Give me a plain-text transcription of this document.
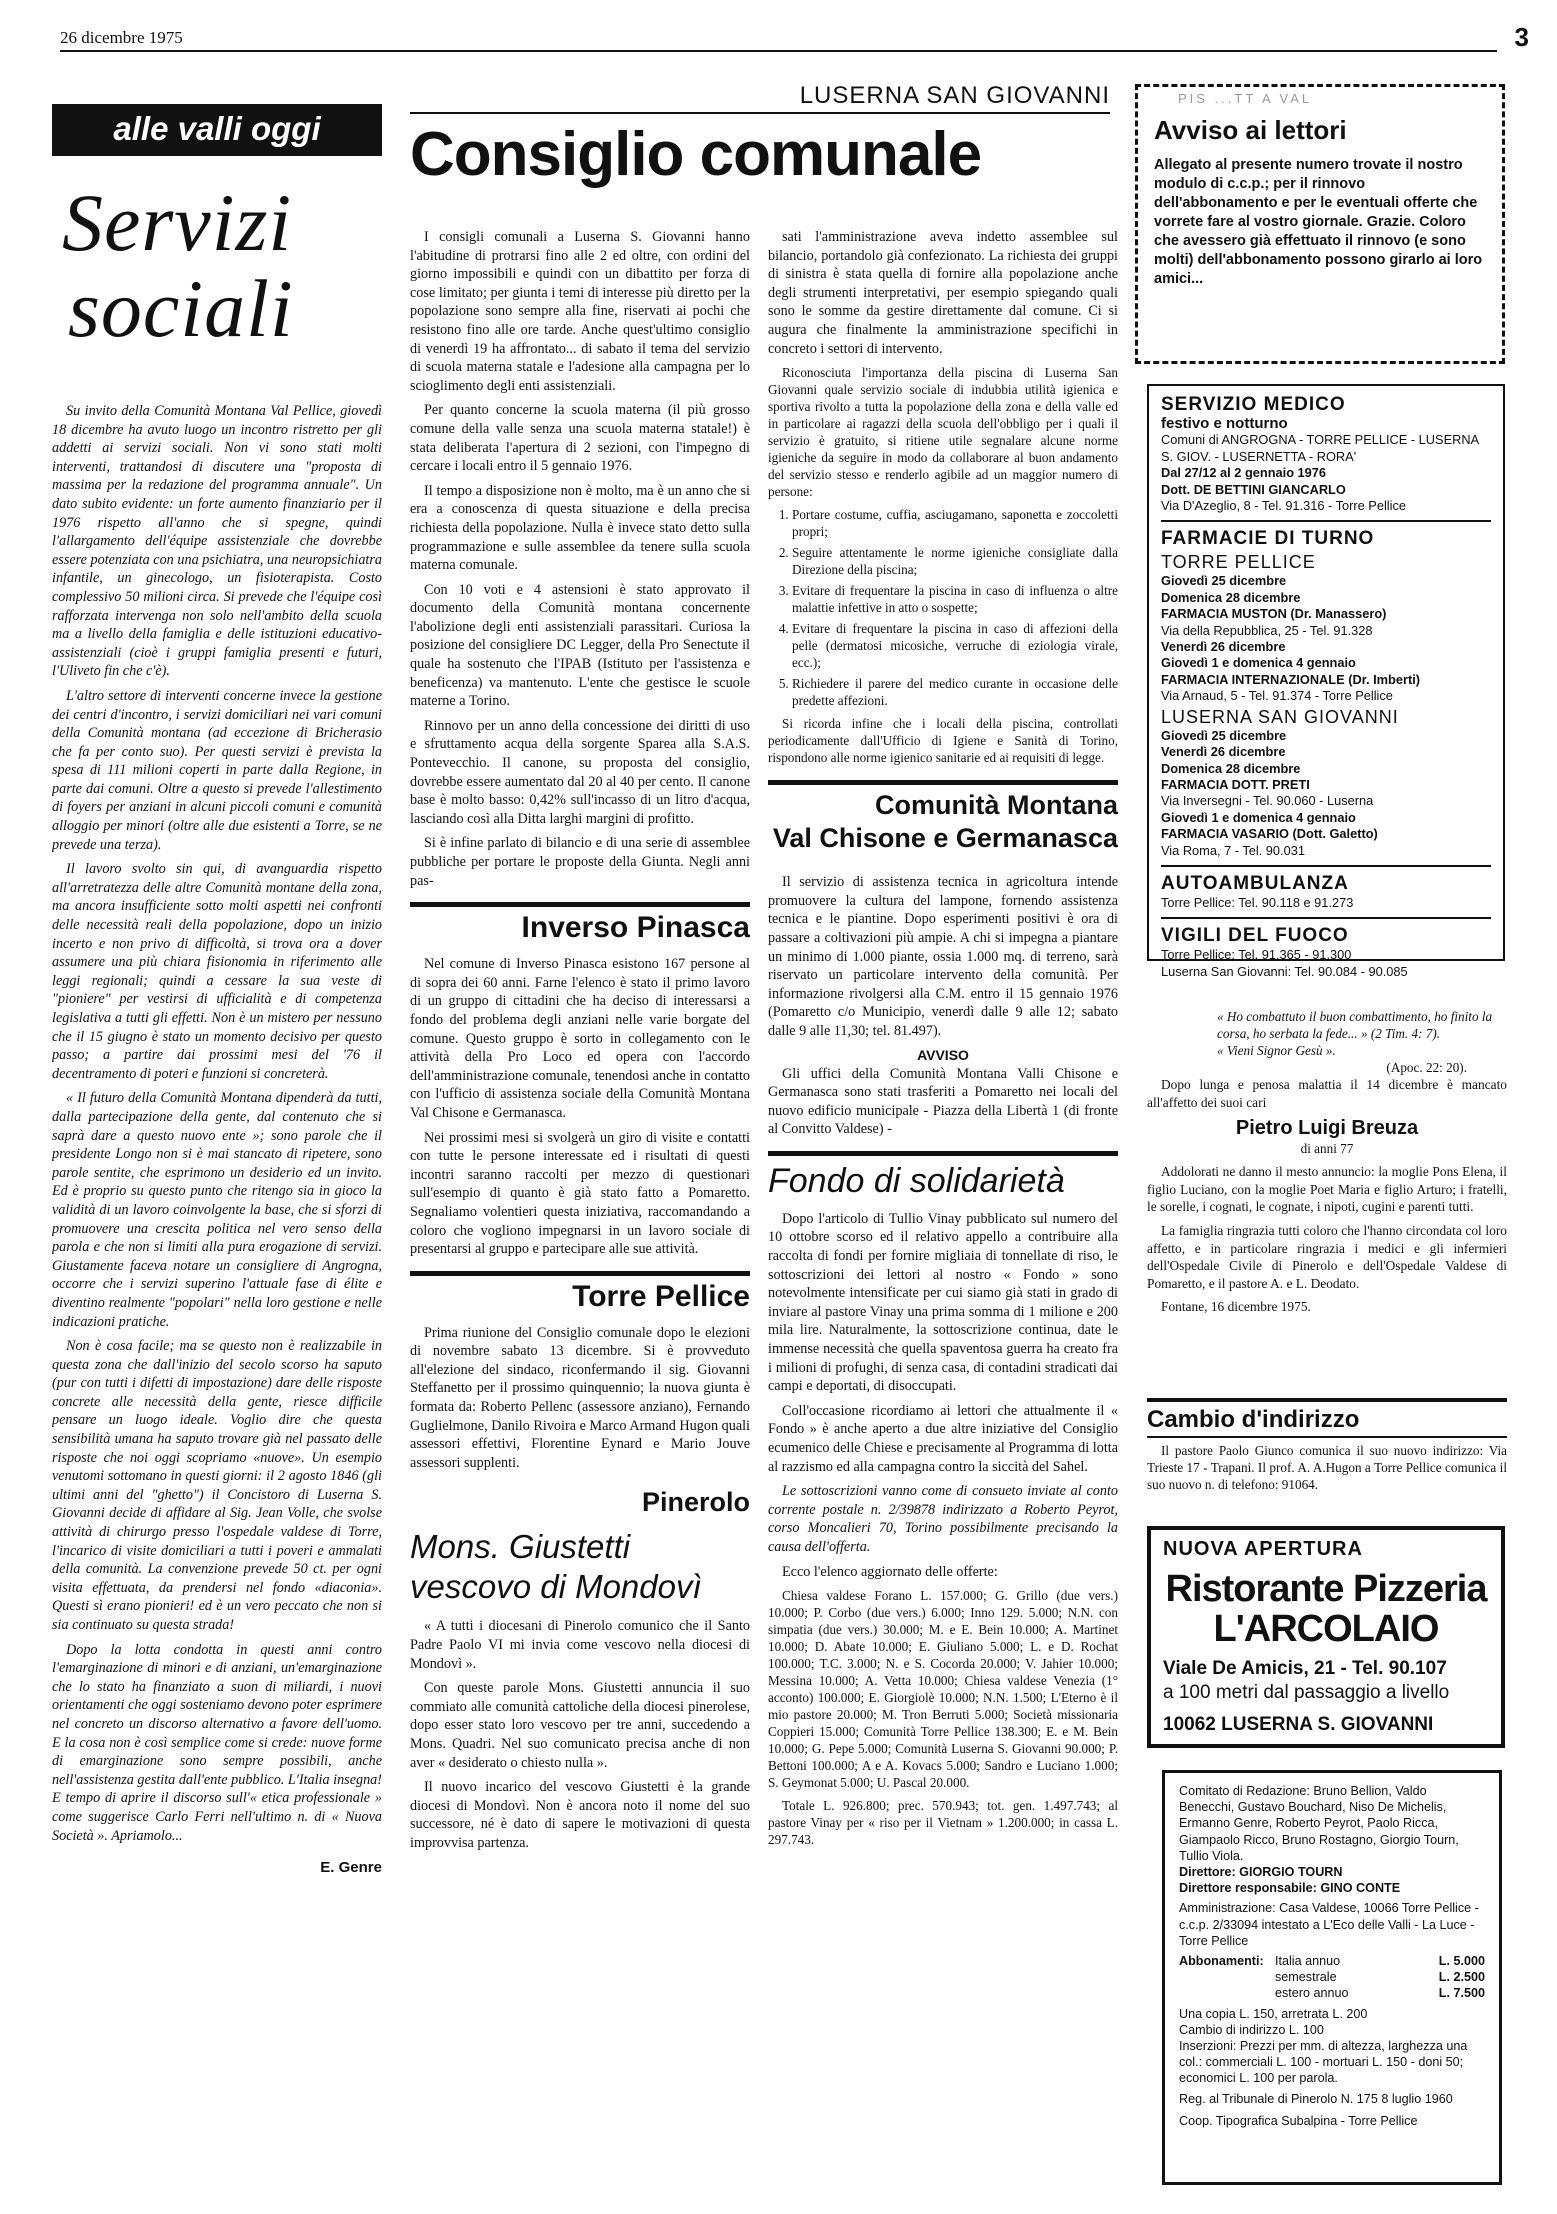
26 dicembre 1975	3
alle valli oggi
Servizi
sociali

Su invito della Comunità Montana Val Pellice, giovedì 18 dicembre ha avuto luogo un incontro ristretto per gli addetti ai servizi sociali. Non vi sono stati molti interventi, trattandosi di discutere una "proposta di massima per la redazione del programma annuale". Un dato subito evidente: un forte aumento finanziario per il 1976 rispetto all'anno che si spegne, quindi l'allargamento dell'équipe assistenziale che dovrebbe essere potenziata con una psichiatra, una neuropsichiatra infantile, un ginecologo, un fisioterapista. Costo complessivo 50 milioni circa. Si prevede che l'équipe così rafforzata intervenga non solo nell'ambito della scuola ma a livello della famiglia e delle istituzioni educativo-assistenziali (cioè i gruppi famiglia presenti e futuri, l'Uliveto fin che c'è).

L'altro settore di interventi concerne invece la gestione dei centri d'incontro, i servizi domiciliari nei vari comuni della Comunità montana (ad eccezione di Bricherasio che fa per conto suo). Per questi servizi è prevista la spesa di 111 milioni coperti in parte dalla Regione, in parte dai comuni. Oltre a questo si prevede l'allestimento di foyers per anziani in alcuni piccoli comuni e comunità alloggio per minori (oltre alle due esistenti a Torre, se ne prevede una terza).

Il lavoro svolto sin qui, di avanguardia rispetto all'arretratezza delle altre Comunità montane della zona, ma ancora insufficiente sotto molti aspetti nei confronti delle necessità reali della popolazione, dopo un inizio incerto e non privo di difficoltà, si trova ora a dover assumere una più chiara fisionomia in riferimento alle leggi regionali; quindi a cessare la sua veste di "pioniere" per vestirsi di ufficialità e di competenza legislativa a tutti gli effetti. Non è un mistero per nessuno che il 15 giugno è stato un momento decisivo per questo passo; a partire dai prossimi mesi del '76 il decentramento di poteri e funzioni si concreterà.

« Il futuro della Comunità Montana dipenderà da tutti, dalla partecipazione della gente, dal contenuto che si saprà dare a questo nuovo ente »; sono parole che il presidente Longo non si è mai stancato di ripetere, sono parole sentite, che esprimono un desiderio ed un invito. Ed è proprio su questo punto che ritengo sia in gioco la validità di un lavoro coinvolgente la base, che si sforzi di promuovere una crescita politica nel vero senso della parola e che non si limiti alla pura erogazione di servizi. Giustamente faceva notare un consigliere di Angrogna, occorre che i servizi superino l'attuale fase di élite e diventino realmente "popolari" nella loro gestione e nelle indicazioni pratiche.

Non è cosa facile; ma se questo non è realizzabile in questa zona che dall'inizio del secolo scorso ha saputo (pur con tutti i difetti di impostazione) dare delle risposte concrete alle necessità della gente, riesce difficile pensare un luogo ideale. Voglio dire che questa sensibilità umana ha saputo trovare già nel passato delle risposte che noi oggi scopriamo «nuove». Un esempio venutomi sottomano in questi giorni: il 2 agosto 1846 (gli ultimi anni del "ghetto") il Concistoro di Luserna S. Giovanni decide di affidare al Sig. Jean Volle, che svolse attività di chirurgo presso l'ospedale valdese di Torre, l'incarico di visite domiciliari a tutti i poveri e ammalati della comunità. La convenzione prevede 50 ct. per ogni visita effettuata, da prendersi nel fondo «diaconia». Questi sì erano pionieri! ed è un vero peccato che non si sia continuato su questa strada!

Dopo la lotta condotta in questi anni contro l'emarginazione di minori e di anziani, un'emarginazione che lo stato ha finanziato a suon di miliardi, i nuovi orientamenti che oggi sosteniamo devono poter esprimere nel concreto un discorso alternativo a favore dell'uomo. E la cosa non è così semplice come si crede: nuove forme di emarginazione sono sempre possibili, anche nell'assistenza gestita dall'ente pubblico. L'Italia insegna! E tempo di aprire il discorso sull'« etica professionale » come suggerisce Carlo Ferri nell'ultimo n. di « Nuova Società ». Apriamolo...

E. Genre
LUSERNA SAN GIOVANNI
Consiglio comunale

I consigli comunali a Luserna S. Giovanni hanno l'abitudine di protrarsi fino alle 2 ed oltre, con ordini del giorno impossibili e quindi con un dibattito per forza di cose limitato; per giunta i temi di interesse più diretto per la popolazione sono sempre alla fine, riservati ai pochi che resistono fino alle ore tarde. Anche quest'ultimo consiglio di venerdì 19 ha affrontato... di sabato il tema del servizio di scuola materna statale e l'adesione alla campagna per lo scioglimento degli enti assistenziali.

Per quanto concerne la scuola materna (il più grosso comune della valle senza una scuola materna statale!) è stata deliberata l'apertura di 2 sezioni, con l'impegno di cercare i locali entro il 5 gennaio 1976.

Il tempo a disposizione non è molto, ma è un anno che si era a conoscenza di questa situazione e della precisa richiesta della popolazione. Nulla è invece stato detto sulla programmazione e sulle assemblee da tenere sulla scuola materna comunale.

Con 10 voti e 4 astensioni è stato approvato il documento della Comunità montana concernente l'abolizione degli enti assistenziali parassitari. Curiosa la posizione del consigliere DC Legger, della Pro Senectute il quale ha sostenuto che l'IPAB (Istituto per l'assistenza e beneficenza) va mantenuto. L'ente che gestisce le scuole materne a Torino.

Rinnovo per un anno della concessione dei diritti di uso e sfruttamento acqua della sorgente Sparea alla S.A.S. Pontevecchio. Il canone, su proposta del consiglio, dovrebbe essere aumentato dal 20 al 40 per cento. Il canone base è molto basso: 0,42% sull'incasso di un litro d'acqua, lasciando così alla Ditta larghi margini di profitto.

Si è infine parlato di bilancio e di una serie di assemblee pubbliche per portare le proposte della Giunta. Negli anni pas-

Inverso Pinasca

Nel comune di Inverso Pinasca esistono 167 persone al di sopra dei 60 anni. Farne l'elenco è stato il primo lavoro di un gruppo di cittadini che ha deciso di interessarsi a fondo del problema degli anziani nelle varie borgate del comune. Questo gruppo è sorto in collegamento con le attività della Pro Loco ed opera con l'accordo dell'amministrazione comunale, tenendosi anche in contatto con l'ufficio di assistenza sociale della Comunità Montana Val Chisone e Germanasca.

Nei prossimi mesi si svolgerà un giro di visite e contatti con tutte le persone interessate ed i risultati di questi incontri saranno raccolti per mezzo di questionari sull'esempio di quanto è già stato fatto a Pomaretto. Segnaliamo volentieri questa iniziativa, raccomandando a coloro che vogliono impegnarsi in un lavoro sociale di presentarsi al gruppo e partecipare alle sue attività.

Torre Pellice

Prima riunione del Consiglio comunale dopo le elezioni di novembre sabato 13 dicembre. Si è provveduto all'elezione del sindaco, riconfermando il sig. Giovanni Steffanetto per il prossimo quinquennio; la nuova giunta è formata da: Roberto Pellenc (assessore anziano), Fernando Guglielmone, Danilo Rivoira e Marco Armand Hugon quali assessori effettivi, Florentine Eynard e Mario Jouve assessori supplenti.

Pinerolo
Mons. Giustetti
vescovo di Mondovì

« A tutti i diocesani di Pinerolo comunico che il Santo Padre Paolo VI mi invia come vescovo nella diocesi di Mondovì ».

Con queste parole Mons. Giustetti annuncia il suo commiato alle comunità cattoliche della diocesi pinerolese, dopo esser stato loro vescovo per tre anni, succedendo a Mons. Quadri. Nel suo comunicato precisa anche di non aver « desiderato o chiesto nulla ».

Il nuovo incarico del vescovo Giustetti è la grande diocesi di Mondovì. Non è ancora noto il nome del suo successore, né è dato di sapere le motivazioni di questa improvvisa partenza.

sati l'amministrazione aveva indetto assemblee sul bilancio, portandolo già confezionato. La richiesta dei gruppi di sinistra è stata quella di fornire alla popolazione anche degli strumenti interpretativi, per esempio spiegando quali sono le somme da gestire direttamente dal comune. Ci si augura che finalmente la amministrazione specifichi in concreto i settori di intervento.

Riconosciuta l'importanza della piscina di Luserna San Giovanni quale servizio sociale di indubbia utilità igienica e sportiva rivolto a tutta la popolazione della zona e della valle ed in particolare ai ragazzi della scuola dell'obbligo per i quali il servizio è gratuito, si ritiene utile segnalare alcune norme igieniche da seguire in modo da collaborare al buon andamento del servizio stesso e renderlo agibile ad un maggior numero di persone:

1. Portare costume, cuffia, asciugamano, saponetta e zoccoletti propri;
2. Seguire attentamente le norme igieniche consigliate dalla Direzione della piscina;
3. Evitare di frequentare la piscina in caso di influenza o altre malattie infettive in atto o sospette;
4. Evitare di frequentare la piscina in caso di affezioni della pelle (dermatosi micosiche, verruche di eziologia virale, ecc.);
5. Richiedere il parere del medico curante in occasione delle predette affezioni.

Si ricorda infine che i locali della piscina, controllati periodicamente dall'Ufficio di Igiene e Sanità di Torino, rispondono alle norme igienico sanitarie ed ai requisiti di legge.

Comunità Montana
Val Chisone e Germanasca

Il servizio di assistenza tecnica in agricoltura intende promuovere la cultura del lampone, fornendo assistenza tecnica e le piantine. Dopo esperimenti positivi è ora di passare a coltivazioni più ampie. A chi si impegna a piantare un minimo di 1.000 piante, ossia 1.000 mq. di terreno, sarà riservato un particolare intervento della comunità. Per informazione rivolgersi alla C.M. entro il 15 gennaio 1976 (Pomaretto c/o Municipio, venerdì dalle 9 alle 12; sabato dalle 9 alle 11,30; tel. 81.497).

AVVISO

Gli uffici della Comunità Montana Valli Chisone e Germanasca sono stati trasferiti a Pomaretto nei locali del nuovo edificio municipale - Piazza della Libertà 1 (di fronte al Convitto Valdese) -

Fondo di solidarietà

Dopo l'articolo di Tullio Vinay pubblicato sul numero del 10 ottobre scorso ed il relativo appello a contribuire alla raccolta di fondi per fornire migliaia di tonnellate di riso, le sottoscrizioni dei lettori al nostro « Fondo » sono notevolmente intensificate per cui siamo già stati in grado di inviare al pastore Vinay una prima somma di 1 milione e 200 mila lire. Naturalmente, la sottoscrizione continua, date le immense necessità che quella spaventosa guerra ha creato fra i milioni di profughi, di senza casa, di contadini stradicati dai campi e deportati, di disoccupati.

Coll'occasione ricordiamo ai lettori che attualmente il « Fondo » è anche aperto a due altre iniziative del Consiglio ecumenico delle Chiese e precisamente al Programma di lotta al razzismo ed alla campagna contro la siccità del Sahel.

Le sottoscrizioni vanno come di consueto inviate al conto corrente postale n. 2/39878 indirizzato a Roberto Peyrot, corso Moncalieri 70, Torino possibilmente precisando la causa dell'offerta.

Ecco l'elenco aggiornato delle offerte:

Chiesa valdese Forano L. 157.000; G. Grillo (due vers.) 10.000; P. Corbo (due vers.) 6.000; Inno 129. 5.000; N.N. con simpatia (due vers.) 30.000; M. e E. Bein 10.000; A. Martinet 10.000; D. Abate 10.000; E. Giuliano 5.000; L. e D. Rochat 100.000; T.C. 3.000; N. e S. Cocorda 20.000; V. Jahier 10.000; Messina 10.000; A. Vetta 10.000; Chiesa valdese Venezia (1° acconto) 100.000; E. Giorgiolè 10.000; N.N. 1.500; L'Eterno è il mio pastore 20.000; M. Tron Berruti 5.000; Società missionaria Coppieri 15.000; Comunità Torre Pellice 138.300; E. e M. Bein 10.000; G. Pepe 5.000; Comunità Luserna S. Giovanni 90.000; P. Bettoni 100.000; A e A. Kovacs 5.000; Sandro e Luciano 1.000; S. Geymonat 5.000; U. Pascal 20.000.

Totale L. 926.800; prec. 570.943; tot. gen. 1.497.743; al pastore Vinay per « riso per il Vietnam » 1.200.000; in cassa L. 297.743.

PIS ...TT A VAL
Avviso ai lettori
Allegato al presente numero trovate il nostro modulo di c.c.p.; per il rinnovo dell'abbonamento e per le eventuali offerte che vorrete fare al vostro giornale. Grazie. Coloro che avessero già effettuato il rinnovo (e sono molti) dell'abbonamento possono girarlo ai loro amici...
SERVIZIO MEDICO
festivo e notturno
Comuni di ANGROGNA - TORRE PELLICE - LUSERNA S. GIOV. - LUSERNETTA - RORA'
Dal 27/12 al 2 gennaio 1976
Dott. DE BETTINI GIANCARLO
Via D'Azeglio, 8 - Tel. 91.316 - Torre Pellice
FARMACIE DI TURNO
TORRE PELLICE
Giovedì 25 dicembre
Domenica 28 dicembre
FARMACIA MUSTON (Dr. Manassero)
Via della Repubblica, 25 - Tel. 91.328
Venerdì 26 dicembre
Giovedì 1 e domenica 4 gennaio
FARMACIA INTERNAZIONALE (Dr. Imberti)
Via Arnaud, 5 - Tel. 91.374 - Torre Pellice
LUSERNA SAN GIOVANNI
Giovedì 25 dicembre
Venerdì 26 dicembre
Domenica 28 dicembre
FARMACIA DOTT. PRETI
Via Inversegni - Tel. 90.060 - Luserna
Giovedì 1 e domenica 4 gennaio
FARMACIA VASARIO (Dott. Galetto)
Via Roma, 7 - Tel. 90.031
AUTOAMBULANZA
Torre Pellice: Tel. 90.118 e 91.273
VIGILI DEL FUOCO
Torre Pellice: Tel. 91.365 - 91.300
Luserna San Giovanni: Tel. 90.084 - 90.085
« Ho combattuto il buon combattimento, ho finito la corsa, ho serbata la fede... » (2 Tim. 4: 7).
« Vieni Signor Gesù ».
(Apoc. 22: 20).

Dopo lunga e penosa malattia il 14 dicembre è mancato all'affetto dei suoi cari

Pietro Luigi Breuza
di anni 77

Addolorati ne danno il mesto annuncio: la moglie Pons Elena, il figlio Luciano, con la moglie Poet Maria e figlio Arturo; i fratelli, le sorelle, i cognati, le cognate, i nipoti, cugini e parenti tutti.

La famiglia ringrazia tutti coloro che l'hanno circondata col loro affetto, e in particolare ringrazia i medici e gli infermieri dell'Ospedale Civile di Pinerolo e dell'Ospedale Valdese di Pomaretto, e il pastore A. e L. Deodato.

Fontane, 16 dicembre 1975.

Cambio d'indirizzo

Il pastore Paolo Giunco comunica il suo nuovo indirizzo: Via Trieste 17 - Trapani. Il prof. A. A.Hugon a Torre Pellice comunica il suo nuovo n. di telefono: 91064.

NUOVA APERTURA
Ristorante Pizzeria
L'ARCOLAIO
Viale De Amicis, 21 - Tel. 90.107
a 100 metri dal passaggio a livello
10062 LUSERNA S. GIOVANNI
Comitato di Redazione: Bruno Bellion, Valdo Benecchi, Gustavo Bouchard, Niso De Michelis, Ermanno Genre, Roberto Peyrot, Paolo Ricca, Giampaolo Ricco, Bruno Rostagno, Giorgio Tourn, Tullio Viola.
Direttore: GIORGIO TOURN
Direttore responsabile: GINO CONTE
Amministrazione: Casa Valdese, 10066 Torre Pellice - c.c.p. 2/33094 intestato a L'Eco delle Valli - La Luce - Torre Pellice
Abbonamenti: Italia annuo	L. 5.000
semestrale	L. 2.500
estero annuo	L. 7.500
Una copia L. 150, arretrata L. 200
Cambio di indirizzo L. 100
Inserzioni: Prezzi per mm. di altezza, larghezza una col.: commerciali L. 100 - mortuari L. 150 - doni 50; economici L. 100 per parola.
Reg. al Tribunale di Pinerolo N. 175 8 luglio 1960
Coop. Tipografica Subalpina - Torre Pellice
